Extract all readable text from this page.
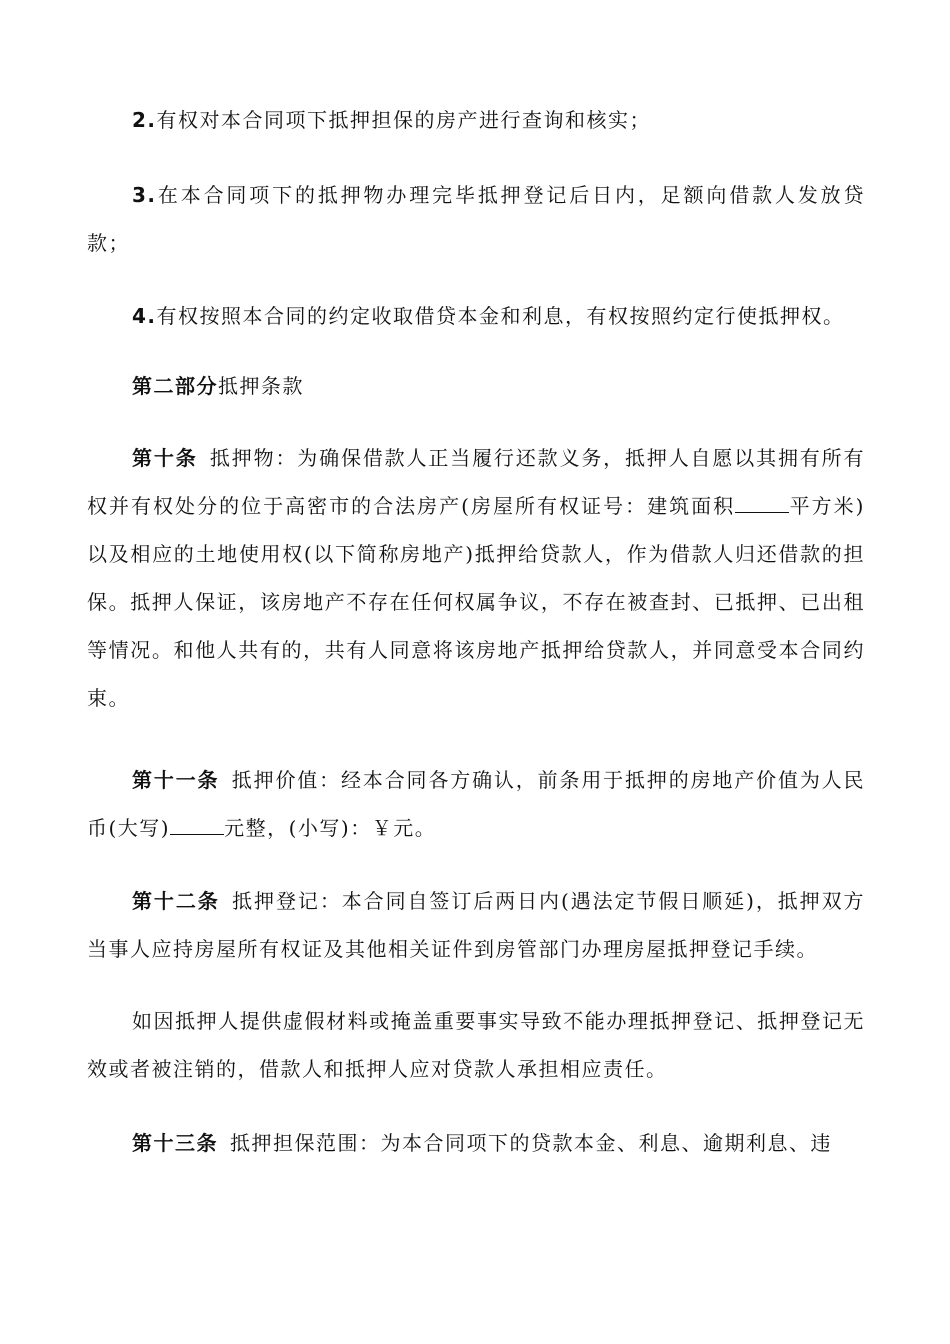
2.有权对本合同项下抵押担保的房产进行查询和核实；

3.在本合同项下的抵押物办理完毕抵押登记后日内，足额向借款人发放贷款；

4.有权按照本合同的约定收取借贷本金和利息，有权按照约定行使抵押权。

第二部分抵押条款

第十条 抵押物：为确保借款人正当履行还款义务，抵押人自愿以其拥有所有权并有权处分的位于高密市的合法房产(房屋所有权证号：建筑面积	平方米)以及相应的土地使用权(以下简称房地产)抵押给贷款人，作为借款人归还借款的担保。抵押人保证，该房地产不存在任何权属争议，不存在被查封、已抵押、已出租等情况。和他人共有的，共有人同意将该房地产抵押给贷款人，并同意受本合同约束。

第十一条 抵押价值：经本合同各方确认，前条用于抵押的房地产价值为人民币(大写)	元整，(小写)：￥元。

第十二条 抵押登记：本合同自签订后两日内(遇法定节假日顺延)，抵押双方当事人应持房屋所有权证及其他相关证件到房管部门办理房屋抵押登记手续。

如因抵押人提供虚假材料或掩盖重要事实导致不能办理抵押登记、抵押登记无效或者被注销的，借款人和抵押人应对贷款人承担相应责任。

第十三条 抵押担保范围：为本合同项下的贷款本金、利息、逾期利息、违
